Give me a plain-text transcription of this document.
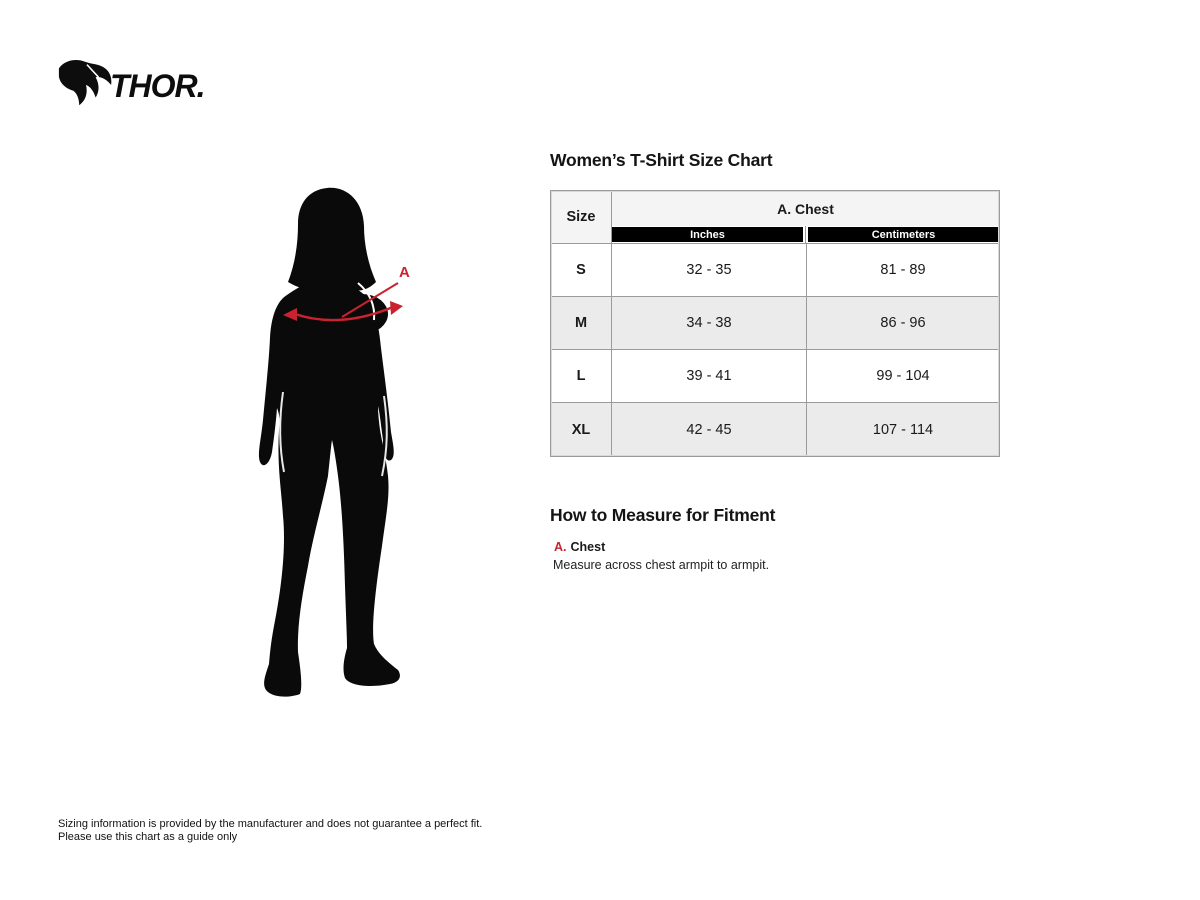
THOR.
A
Women’s T-Shirt Size Chart
Size
A. Chest
Inches	Centimeters
S	32 - 35	81 - 89
M	34 - 38	86 - 96
L	39 - 41	99 - 104
XL	42 - 45	107 - 114
How to Measure for Fitment
A. Chest
Measure across chest armpit to armpit.
Sizing information is provided by the manufacturer and does not guarantee a perfect fit.
Please use this chart as a guide only
